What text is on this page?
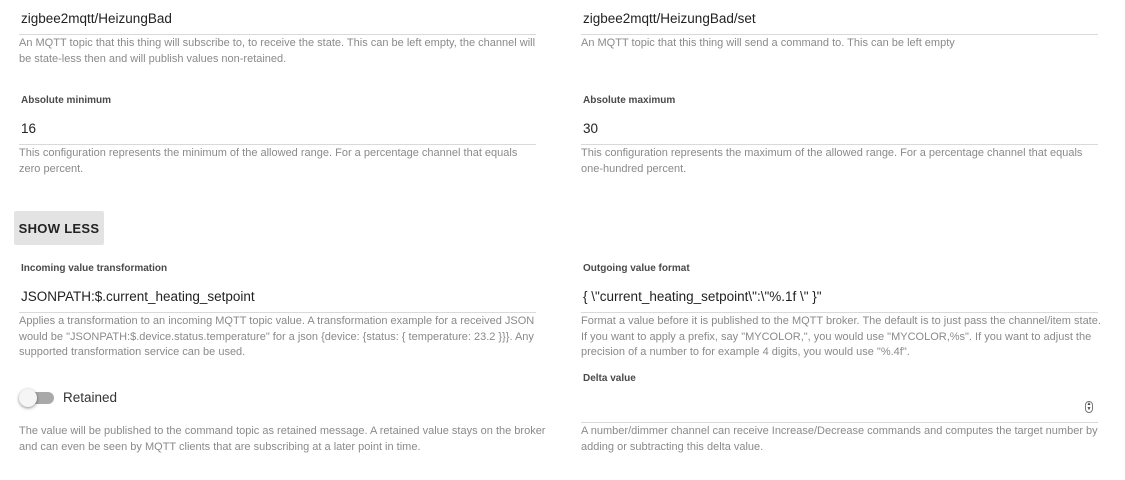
zigbee2mqtt/HeizungBad
An MQTT topic that this thing will subscribe to, to receive the state. This can be left empty, the channel will be state-less then and will publish values non-retained.
zigbee2mqtt/HeizungBad/set
An MQTT topic that this thing will send a command to. This can be left empty
Absolute minimum
16
This configuration represents the minimum of the allowed range. For a percentage channel that equals zero percent.
Absolute maximum
30
This configuration represents the maximum of the allowed range. For a percentage channel that equals one-hundred percent.
SHOW LESS
Incoming value transformation
JSONPATH:$.current_heating_setpoint
Applies a transformation to an incoming MQTT topic value. A transformation example for a received JSON would be "JSONPATH:$.device.status.temperature" for a json {device: {status: { temperature: 23.2 }}}. Any supported transformation service can be used.
Outgoing value format
{ \"current_heating_setpoint\":\"%.1f \" }"
Format a value before it is published to the MQTT broker. The default is to just pass the channel/item state. If you want to apply a prefix, say "MYCOLOR,", you would use "MYCOLOR,%s". If you want to adjust the precision of a number to for example 4 digits, you would use "%.4f".
Retained
The value will be published to the command topic as retained message. A retained value stays on the broker and can even be seen by MQTT clients that are subscribing at a later point in time.
Delta value
▲
▼
A number/dimmer channel can receive Increase/Decrease commands and computes the target number by adding or subtracting this delta value.
